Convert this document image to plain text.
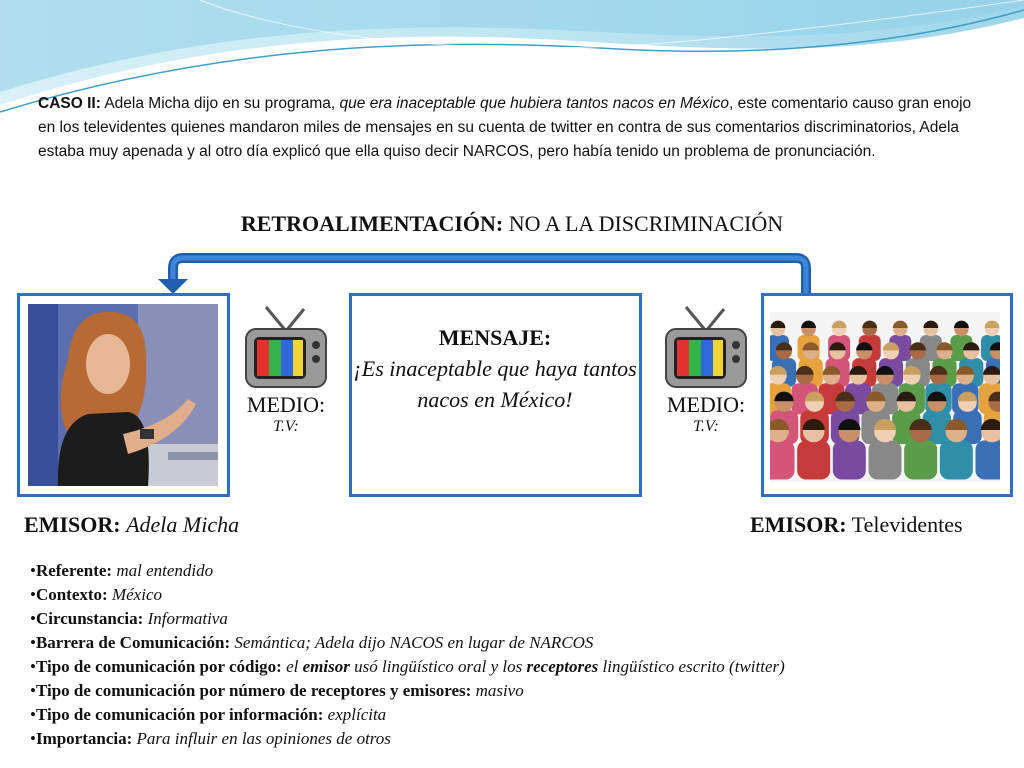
CASO II: Adela Micha dijo en su programa, que era inaceptable que hubiera tantos nacos en México, este comentario causo gran enojo en los televidentes quienes mandaron miles de mensajes en su cuenta de twitter en contra de sus comentarios discriminatorios, Adela estaba muy apenada y al otro día explicó que ella quiso decir NARCOS, pero había tenido un problema de pronunciación.
RETROALIMENTACIÓN: NO A LA DISCRIMINACIÓN
MENSAJE:
¡Es inaceptable que haya tantos nacos en México!
MEDIO:
T.V:
MEDIO:
T.V:
EMISOR: Adela Micha	EMISOR: Televidentes
•Referente: mal entendido
•Contexto: México
•Circunstancia: Informativa
•Barrera de Comunicación: Semántica; Adela dijo NACOS en lugar de NARCOS
•Tipo de comunicación por código: el emisor usó lingüístico oral y los receptores lingüístico escrito (twitter)
•Tipo de comunicación por número de receptores y emisores: masivo
•Tipo de comunicación por información: explícita
•Importancia: Para influir en las opiniones de otros
